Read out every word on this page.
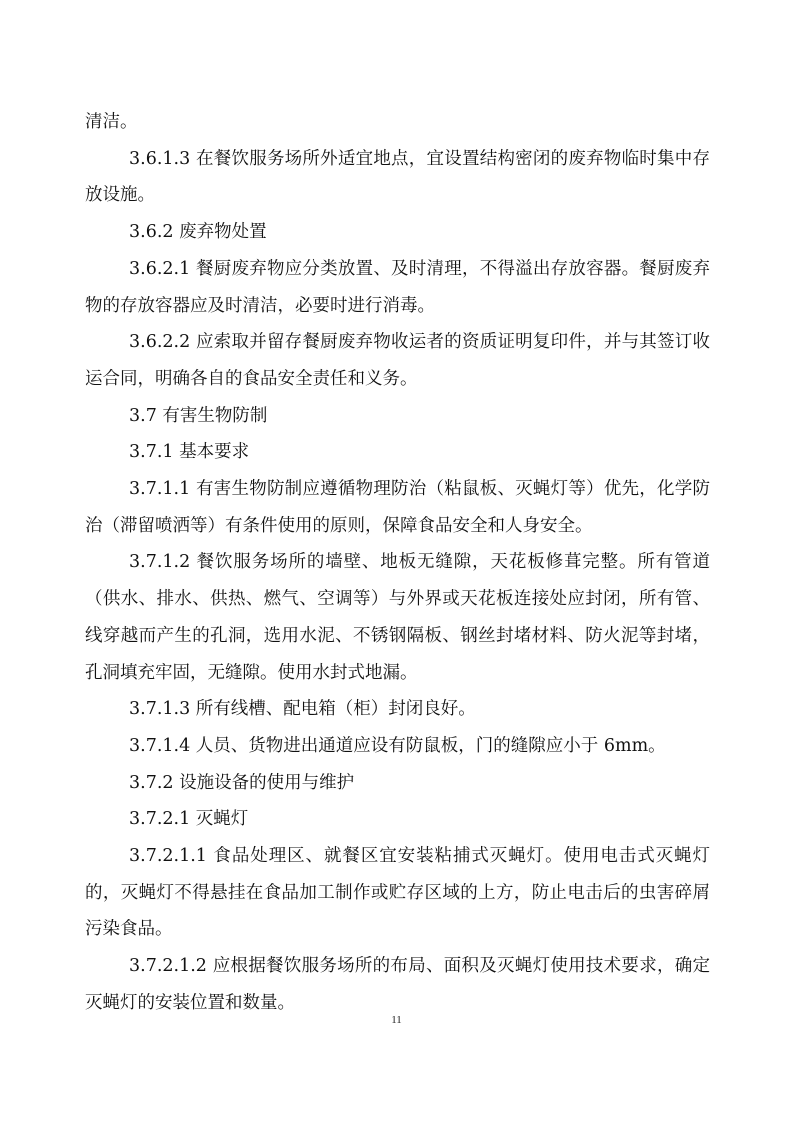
清洁。

3.6.1.3 在餐饮服务场所外适宜地点，宜设置结构密闭的废弃物临时集中存放设施。

3.6.2 废弃物处置

3.6.2.1 餐厨废弃物应分类放置、及时清理，不得溢出存放容器。餐厨废弃物的存放容器应及时清洁，必要时进行消毒。

3.6.2.2 应索取并留存餐厨废弃物收运者的资质证明复印件，并与其签订收运合同，明确各自的食品安全责任和义务。

3.7 有害生物防制

3.7.1 基本要求

3.7.1.1 有害生物防制应遵循物理防治（粘鼠板、灭蝇灯等）优先，化学防治（滞留喷洒等）有条件使用的原则，保障食品安全和人身安全。

3.7.1.2 餐饮服务场所的墙壁、地板无缝隙，天花板修葺完整。所有管道（供水、排水、供热、燃气、空调等）与外界或天花板连接处应封闭，所有管、线穿越而产生的孔洞，选用水泥、不锈钢隔板、钢丝封堵材料、防火泥等封堵，孔洞填充牢固，无缝隙。使用水封式地漏。

3.7.1.3 所有线槽、配电箱（柜）封闭良好。

3.7.1.4 人员、货物进出通道应设有防鼠板，门的缝隙应小于 6mm。

3.7.2 设施设备的使用与维护

3.7.2.1 灭蝇灯

3.7.2.1.1 食品处理区、就餐区宜安装粘捕式灭蝇灯。使用电击式灭蝇灯的，灭蝇灯不得悬挂在食品加工制作或贮存区域的上方，防止电击后的虫害碎屑污染食品。

3.7.2.1.2 应根据餐饮服务场所的布局、面积及灭蝇灯使用技术要求，确定灭蝇灯的安装位置和数量。

11
